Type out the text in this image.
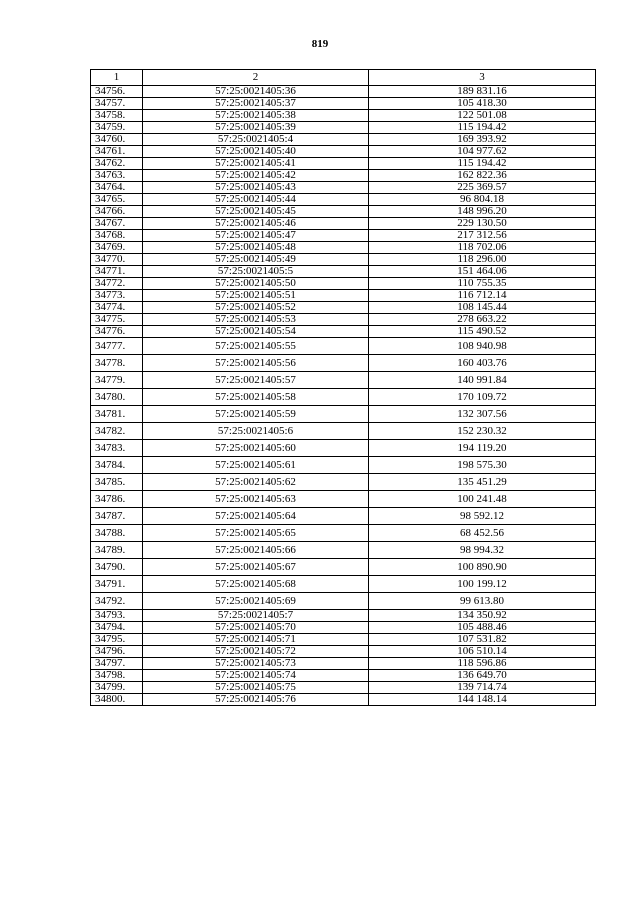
819
1	2	3
34756.	57:25:0021405:36	189 831.16
34757.	57:25:0021405:37	105 418.30
34758.	57:25:0021405:38	122 501.08
34759.	57:25:0021405:39	115 194.42
34760.	57:25:0021405:4	169 393.92
34761.	57:25:0021405:40	104 977.62
34762.	57:25:0021405:41	115 194.42
34763.	57:25:0021405:42	162 822.36
34764.	57:25:0021405:43	225 369.57
34765.	57:25:0021405:44	96 804.18
34766.	57:25:0021405:45	148 996.20
34767.	57:25:0021405:46	229 130.50
34768.	57:25:0021405:47	217 312.56
34769.	57:25:0021405:48	118 702.06
34770.	57:25:0021405:49	118 296.00
34771.	57:25:0021405:5	151 464.06
34772.	57:25:0021405:50	110 755.35
34773.	57:25:0021405:51	116 712.14
34774.	57:25:0021405:52	108 145.44
34775.	57:25:0021405:53	278 663.22
34776.	57:25:0021405:54	115 490.52
34777.	57:25:0021405:55	108 940.98
34778.	57:25:0021405:56	160 403.76
34779.	57:25:0021405:57	140 991.84
34780.	57:25:0021405:58	170 109.72
34781.	57:25:0021405:59	132 307.56
34782.	57:25:0021405:6	152 230.32
34783.	57:25:0021405:60	194 119.20
34784.	57:25:0021405:61	198 575.30
34785.	57:25:0021405:62	135 451.29
34786.	57:25:0021405:63	100 241.48
34787.	57:25:0021405:64	98 592.12
34788.	57:25:0021405:65	68 452.56
34789.	57:25:0021405:66	98 994.32
34790.	57:25:0021405:67	100 890.90
34791.	57:25:0021405:68	100 199.12
34792.	57:25:0021405:69	99 613.80
34793.	57:25:0021405:7	134 350.92
34794.	57:25:0021405:70	105 488.46
34795.	57:25:0021405:71	107 531.82
34796.	57:25:0021405:72	106 510.14
34797.	57:25:0021405:73	118 596.86
34798.	57:25:0021405:74	136 649.70
34799.	57:25:0021405:75	139 714.74
34800.	57:25:0021405:76	144 148.14
